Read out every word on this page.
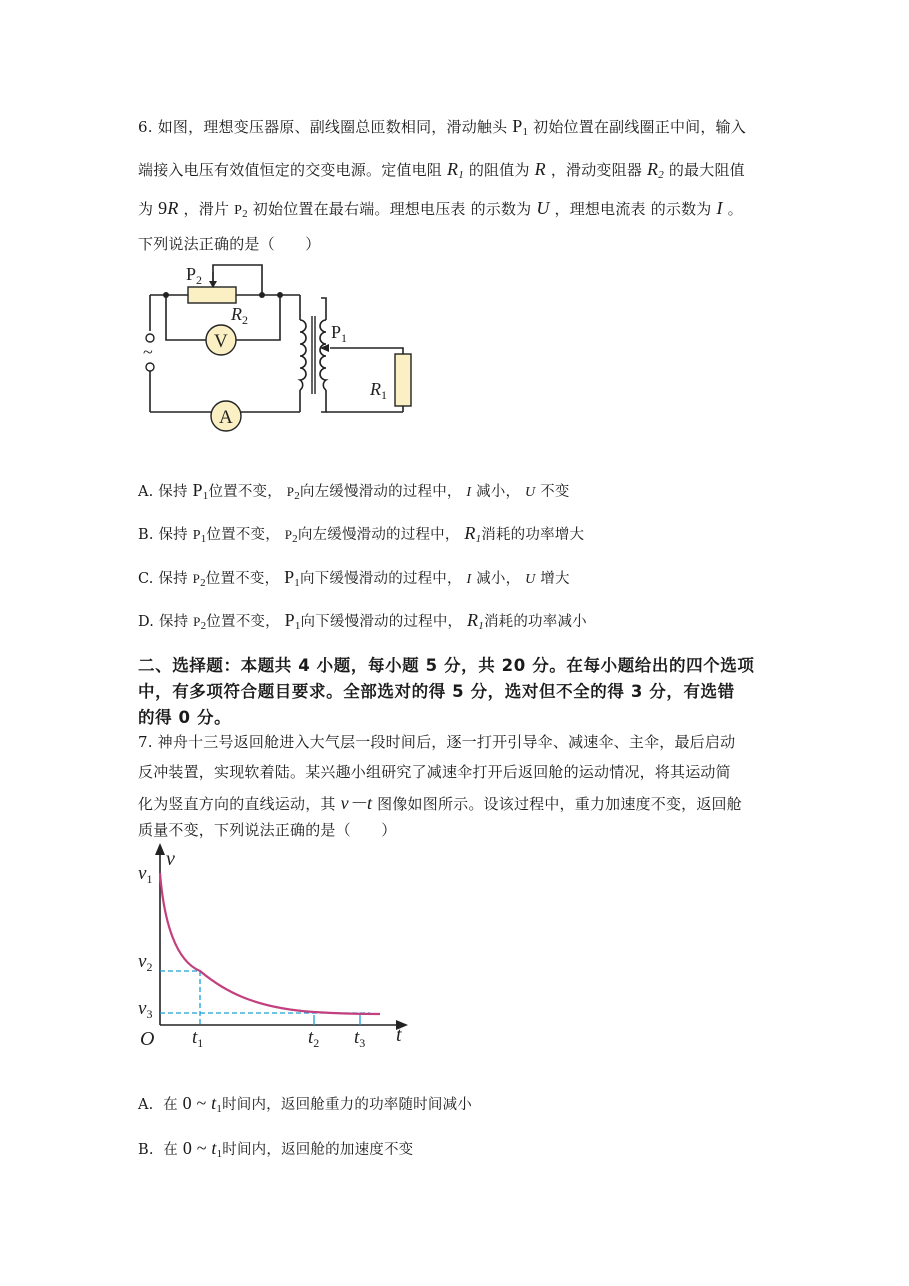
6. 如图，理想变压器原、副线圈总匝数相同，滑动触头 $P_1$ 初始位置在副线圈正中间，输入
端接入电压有效值恒定的交变电源。定值电阻 $R_1$ 的阻值为 R ，滑动变阻器 $R_2$ 的最大阻值
为 9R ，滑片 $P_2$ 初始位置在最右端。理想电压表 的示数为 U ，理想电流表 的示数为 I 。
下列说法正确的是（　　）
$P_2$
$R_2$
V
~
A
$P_1$
$R_1$
A. 保持 $P_1$位置不变， $P_2$向左缓慢滑动的过程中， I 减小， U 不变
B. 保持 $P_1$位置不变， $P_2$向左缓慢滑动的过程中， $R_1$消耗的功率增大
C. 保持 $P_2$位置不变， $P_1$向下缓慢滑动的过程中， I 减小， U 增大
D. 保持 $P_2$位置不变， $P_1$向下缓慢滑动的过程中， $R_1$消耗的功率减小
二、选择题：本题共 4 小题，每小题 5 分，共 20 分。在每小题给出的四个选项
中，有多项符合题目要求。全部选对的得 5 分，选对但不全的得 3 分，有选错
的得 0 分。
7. 神舟十三号返回舱进入大气层一段时间后，逐一打开引导伞、减速伞、主伞，最后启动
反冲装置，实现软着陆。某兴趣小组研究了减速伞打开后返回舱的运动情况，将其运动简
化为竖直方向的直线运动，其 v－t 图像如图所示。设该过程中，重力加速度不变，返回舱
质量不变，下列说法正确的是（　　）
$v_1$
v
$v_2$
$v_3$
O $t_1$	$t_2$ $t_3$ t
A. 在 0 ~ $t_1$时间内，返回舱重力的功率随时间减小
B. 在 0 ~ $t_1$时间内，返回舱的加速度不变
